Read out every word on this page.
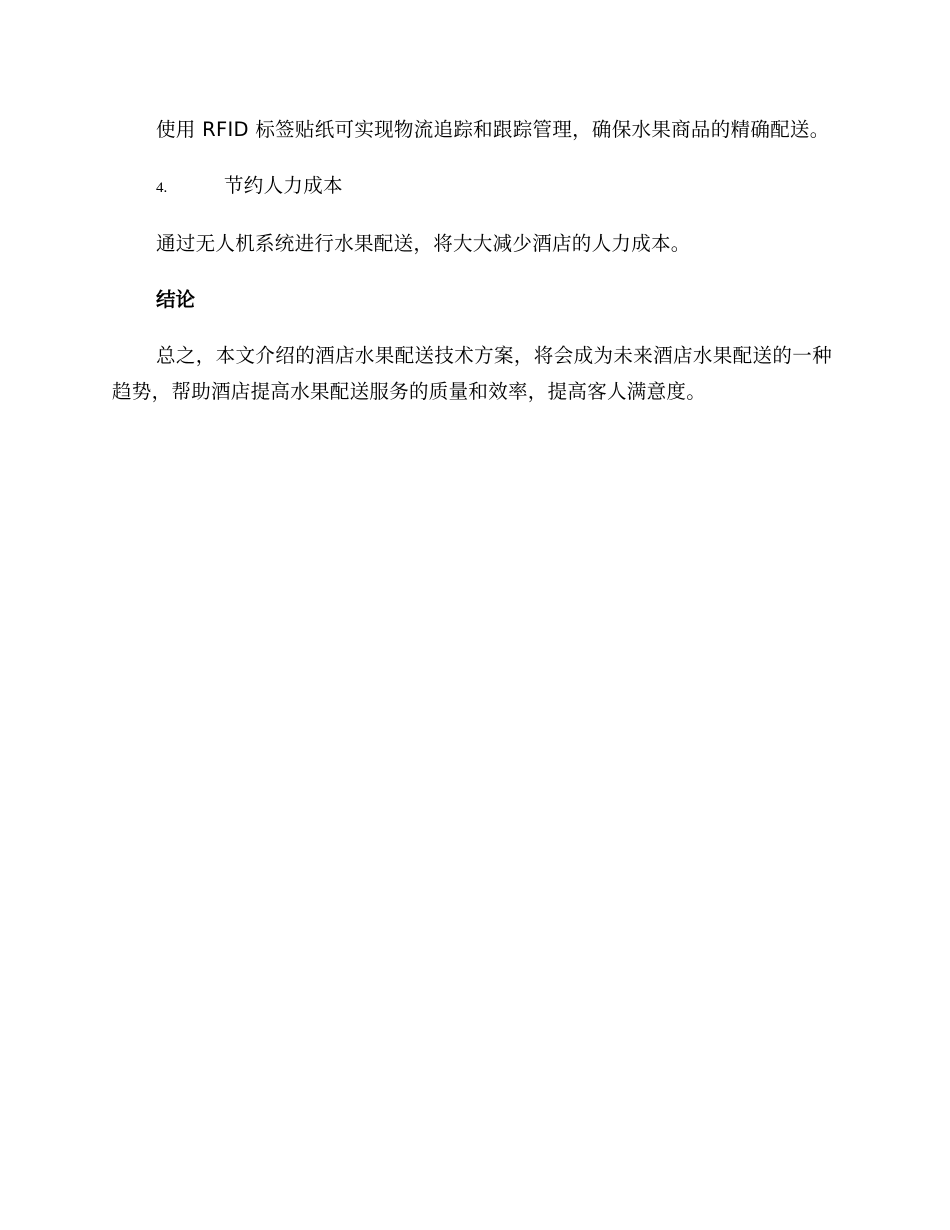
使用 RFID 标签贴纸可实现物流追踪和跟踪管理，确保水果商品的精确配送。

4.	节约人力成本

通过无人机系统进行水果配送，将大大减少酒店的人力成本。

结论

总之，本文介绍的酒店水果配送技术方案，将会成为未来酒店水果配送的一种趋势，帮助酒店提高水果配送服务的质量和效率，提高客人满意度。
